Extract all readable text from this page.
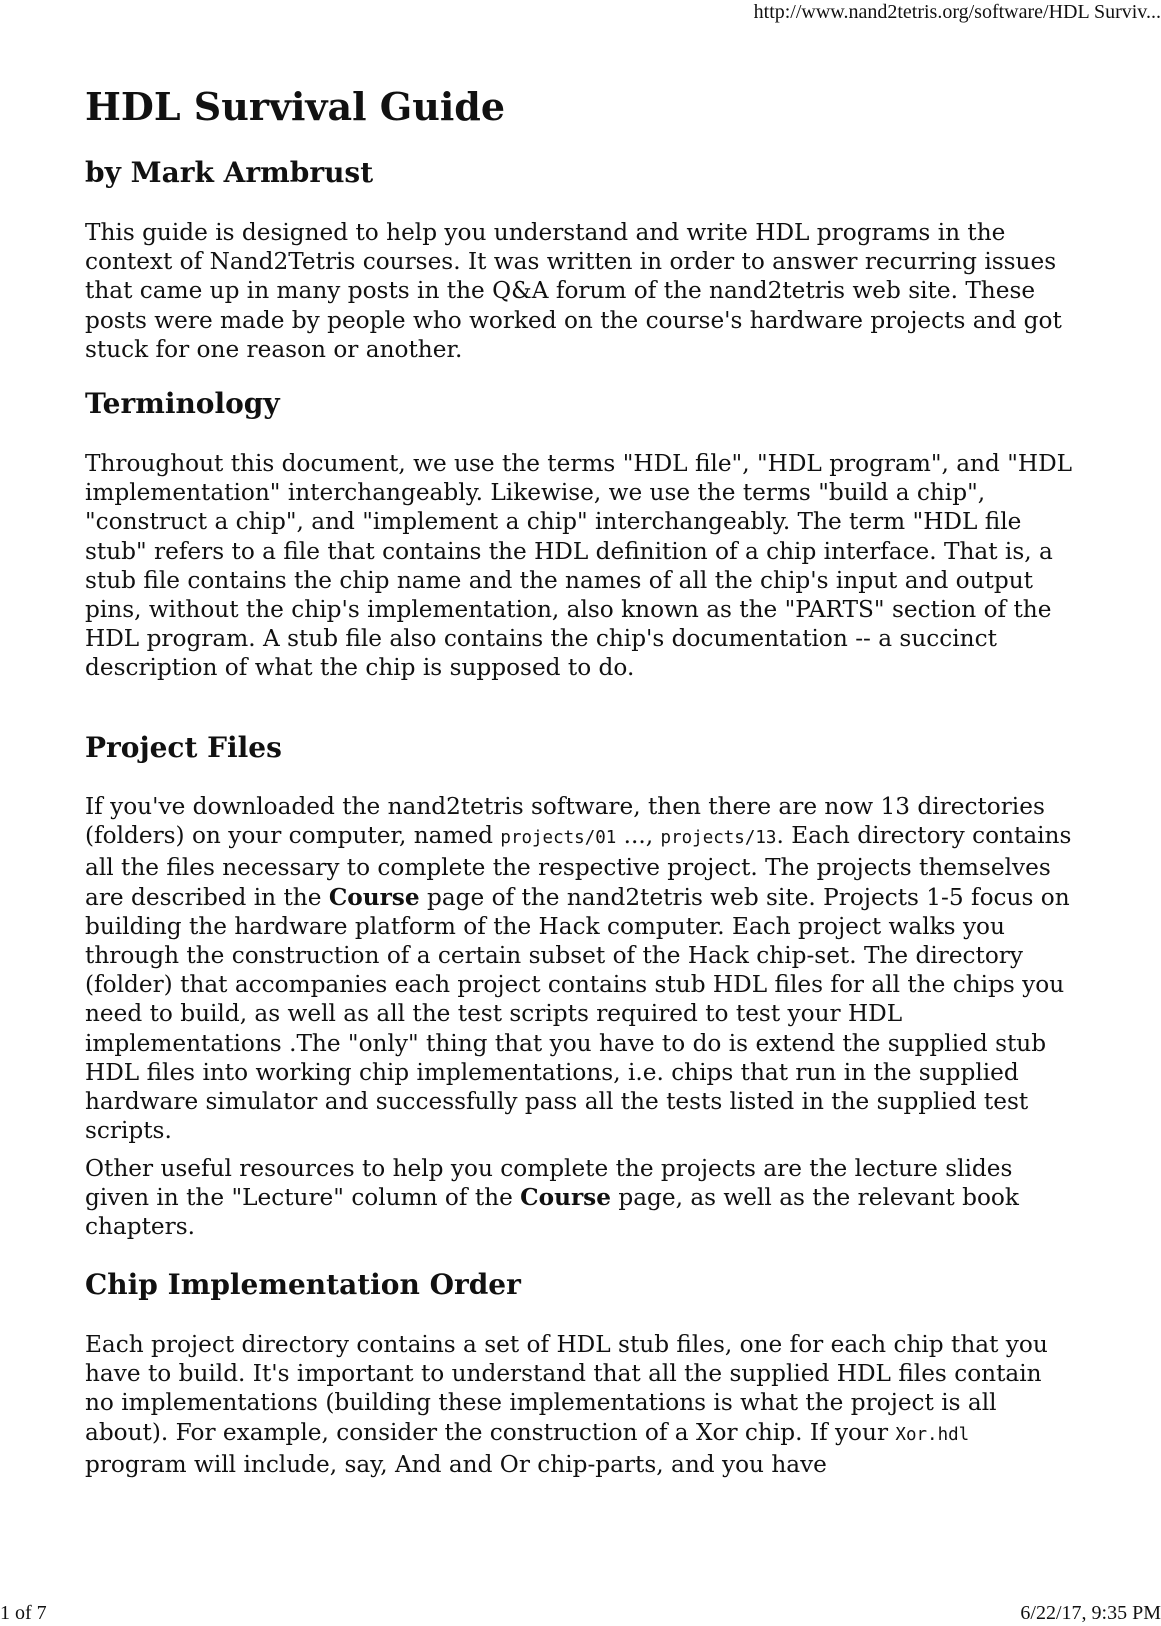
http://www.nand2tetris.org/software/HDL Surviv...
HDL Survival Guide
by Mark Armbrust

This guide is designed to help you understand and write HDL programs in the context of Nand2Tetris courses. It was written in order to answer recurring issues that came up in many posts in the Q&A forum of the nand2tetris web site. These posts were made by people who worked on the course's hardware projects and got stuck for one reason or another.

Terminology

Throughout this document, we use the terms "HDL file", "HDL program", and "HDL implementation" interchangeably. Likewise, we use the terms "build a chip", "construct a chip", and "implement a chip" interchangeably. The term "HDL file stub" refers to a file that contains the HDL definition of a chip interface. That is, a stub file contains the chip name and the names of all the chip's input and output pins, without the chip's implementation, also known as the "PARTS" section of the HDL program. A stub file also contains the chip's documentation -- a succinct description of what the chip is supposed to do.

Project Files

If you've downloaded the nand2tetris software, then there are now 13 directories (folders) on your computer, named projects/01 ..., projects/13. Each directory contains all the files necessary to complete the respective project. The projects themselves are described in the Course page of the nand2tetris web site. Projects 1-5 focus on building the hardware platform of the Hack computer. Each project walks you through the construction of a certain subset of the Hack chip-set. The directory (folder) that accompanies each project contains stub HDL files for all the chips you need to build, as well as all the test scripts required to test your HDL implementations .The "only" thing that you have to do is extend the supplied stub HDL files into working chip implementations, i.e. chips that run in the supplied hardware simulator and successfully pass all the tests listed in the supplied test scripts.

Other useful resources to help you complete the projects are the lecture slides given in the "Lecture" column of the Course page, as well as the relevant book chapters.

Chip Implementation Order

Each project directory contains a set of HDL stub files, one for each chip that you have to build. It's important to understand that all the supplied HDL files contain no implementations (building these implementations is what the project is all about). For example, consider the construction of a Xor chip. If your Xor.hdl program will include, say, And and Or chip-parts, and you have

1 of 7	6/22/17, 9:35 PM
